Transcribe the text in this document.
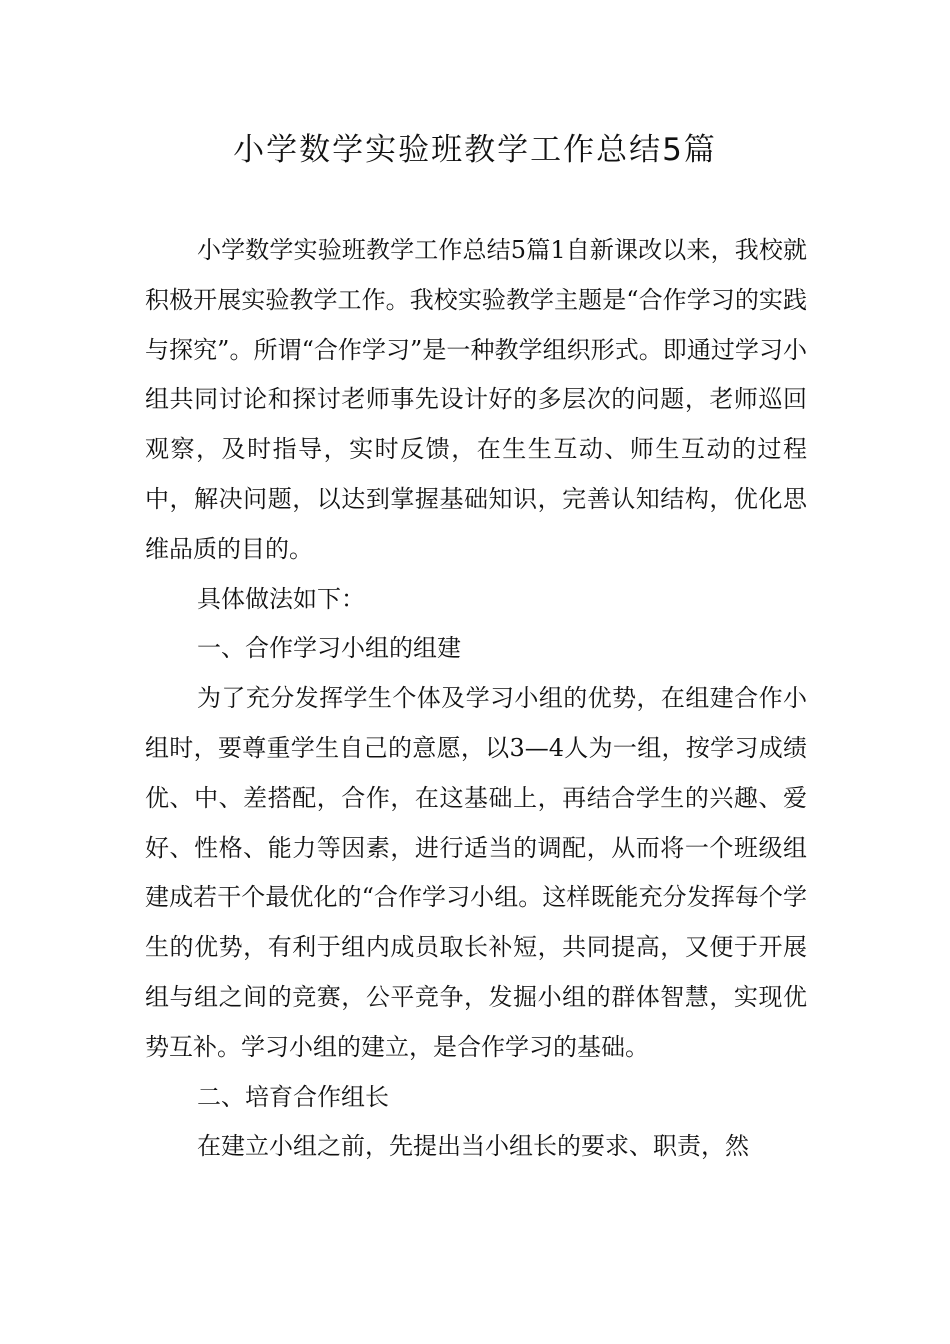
小学数学实验班教学工作总结5篇

小学数学实验班教学工作总结5篇1自新课改以来，我校就积极开展实验教学工作。我校实验教学主题是“合作学习的实践与探究”。所谓“合作学习”是一种教学组织形式。即通过学习小组共同讨论和探讨老师事先设计好的多层次的问题，老师巡回观察，及时指导，实时反馈，在生生互动、师生互动的过程中，解决问题，以达到掌握基础知识，完善认知结构，优化思维品质的目的。

具体做法如下：

一、合作学习小组的组建

为了充分发挥学生个体及学习小组的优势，在组建合作小组时，要尊重学生自己的意愿，以3—4人为一组，按学习成绩优、中、差搭配，合作，在这基础上，再结合学生的兴趣、爱好、性格、能力等因素，进行适当的调配，从而将一个班级组建成若干个最优化的“合作学习小组。这样既能充分发挥每个学生的优势，有利于组内成员取长补短，共同提高，又便于开展组与组之间的竞赛，公平竞争，发掘小组的群体智慧，实现优势互补。学习小组的建立，是合作学习的基础。

二、培育合作组长

在建立小组之前，先提出当小组长的要求、职责，然
